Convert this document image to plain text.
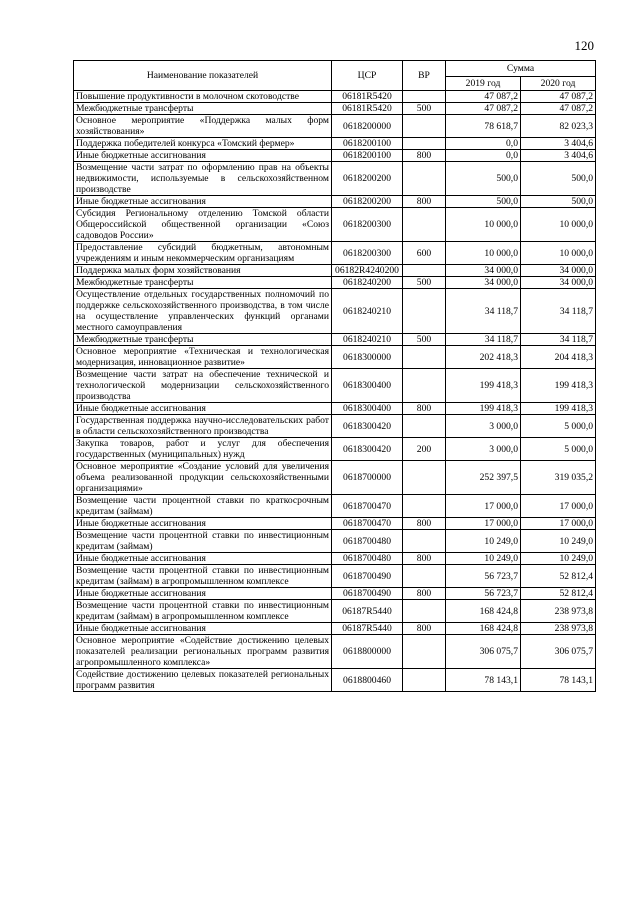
120
Наименование показателей	ЦСР	ВР	Сумма	
			2019 год	2020 год
Повышение продуктивности в молочном скотоводстве	06181R5420		47 087,2	47 087,2
Межбюджетные трансферты	06181R5420	500	47 087,2	47 087,2
Основное мероприятие «Поддержка малых форм хозяйствования»	0618200000		78 618,7	82 023,3
Поддержка победителей конкурса «Томский фермер»	0618200100		0,0	3 404,6
Иные бюджетные ассигнования	0618200100	800	0,0	3 404,6
Возмещение части затрат по оформлению прав на объекты недвижимости, используемые в сельскохозяйственном производстве	0618200200		500,0	500,0
Иные бюджетные ассигнования	0618200200	800	500,0	500,0
Субсидия Региональному отделению Томской области Общероссийской общественной организации «Союз садоводов России»	0618200300		10 000,0	10 000,0
Предоставление субсидий бюджетным, автономным учреждениям и иным некоммерческим организациям	0618200300	600	10 000,0	10 000,0
Поддержка малых форм хозяйствования	06182R4240200		34 000,0	34 000,0
Межбюджетные трансферты	0618240200	500	34 000,0	34 000,0
Осуществление отдельных государственных полномочий по поддержке сельскохозяйственного производства, в том числе на осуществление управленческих функций органами местного самоуправления	0618240210		34 118,7	34 118,7
Межбюджетные трансферты	0618240210	500	34 118,7	34 118,7
Основное мероприятие «Техническая и технологическая модернизация, инновационное развитие»	0618300000		202 418,3	204 418,3
Возмещение части затрат на обеспечение технической и технологической модернизации сельскохозяйственного производства	0618300400		199 418,3	199 418,3
Иные бюджетные ассигнования	0618300400	800	199 418,3	199 418,3
Государственная поддержка научно-исследовательских работ в области сельскохозяйственного производства	0618300420		3 000,0	5 000,0
Закупка товаров, работ и услуг для обеспечения государственных (муниципальных) нужд	0618300420	200	3 000,0	5 000,0
Основное мероприятие «Создание условий для увеличения объема реализованной продукции сельскохозяйственными организациями»	0618700000		252 397,5	319 035,2
Возмещение части процентной ставки по краткосрочным кредитам (займам)	0618700470		17 000,0	17 000,0
Иные бюджетные ассигнования	0618700470	800	17 000,0	17 000,0
Возмещение части процентной ставки по инвестиционным кредитам (займам)	0618700480		10 249,0	10 249,0
Иные бюджетные ассигнования	0618700480	800	10 249,0	10 249,0
Возмещение части процентной ставки по инвестиционным кредитам (займам) в агропромышленном комплексе	0618700490		56 723,7	52 812,4
Иные бюджетные ассигнования	0618700490	800	56 723,7	52 812,4
Возмещение части процентной ставки по инвестиционным кредитам (займам) в агропромышленном комплексе	06187R5440		168 424,8	238 973,8
Иные бюджетные ассигнования	06187R5440	800	168 424,8	238 973,8
Основное мероприятие «Содействие достижению целевых показателей реализации региональных программ развития агропромышленного комплекса»	0618800000		306 075,7	306 075,7
Содействие достижению целевых показателей региональных программ развития	0618800460		78 143,1	78 143,1
